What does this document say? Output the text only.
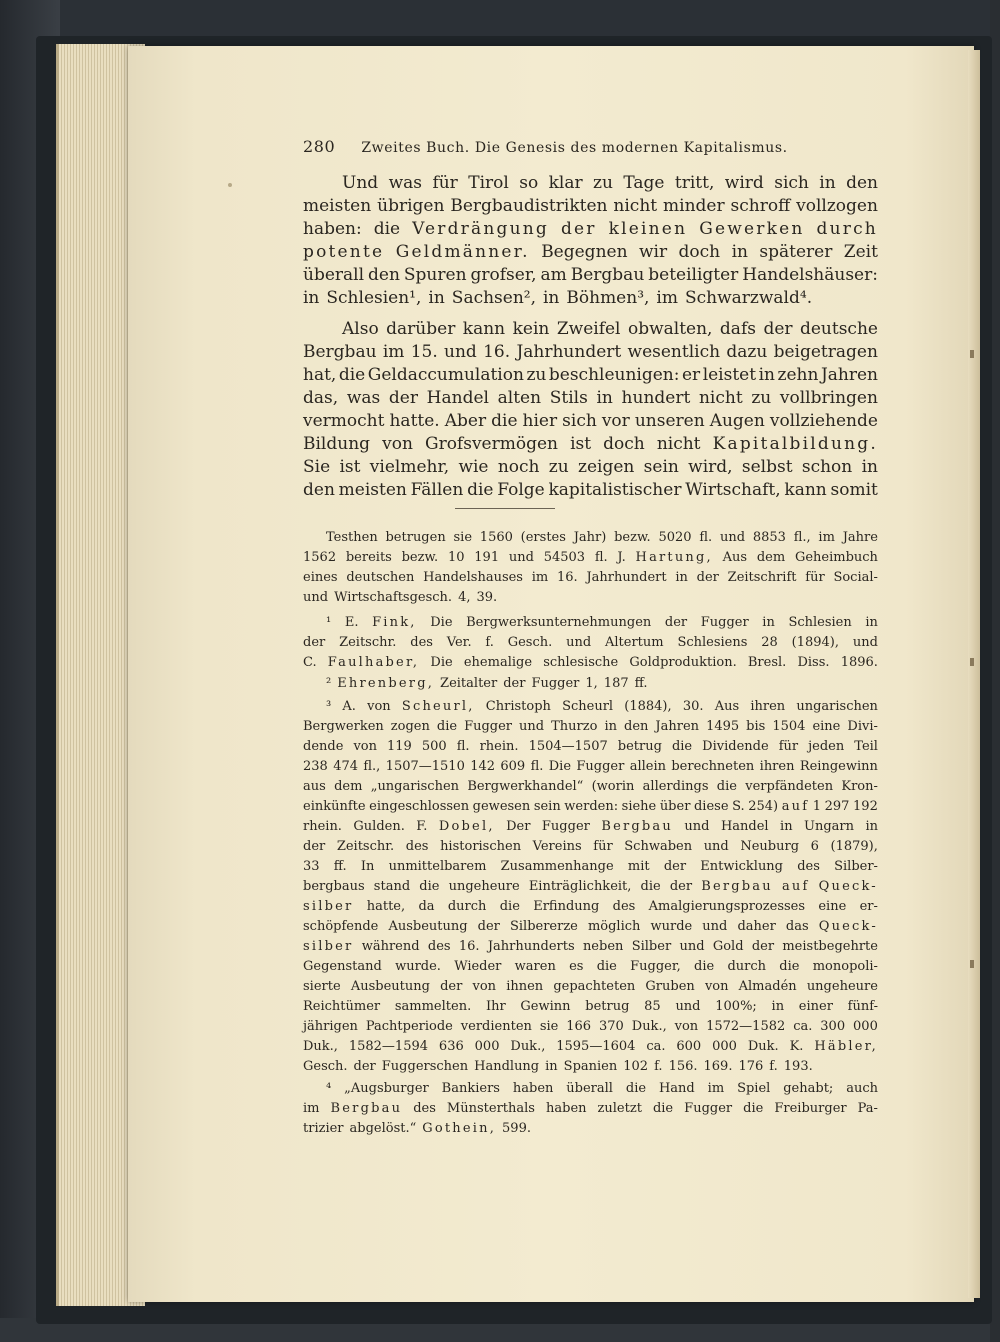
280 Zweites Buch. Die Genesis des modernen Kapitalismus.
Und was für Tirol so klar zu Tage tritt, wird sich in den
meisten übrigen Bergbaudistrikten nicht minder schroff vollzogen
haben: die Verdrängung der kleinen Gewerken durch
potente Geldmänner. Begegnen wir doch in späterer Zeit
überall den Spuren grofser, am Bergbau beteiligter Handelshäuser:
in Schlesien¹, in Sachsen², in Böhmen³, im Schwarzwald⁴.
Also darüber kann kein Zweifel obwalten, dafs der deutsche
Bergbau im 15. und 16. Jahrhundert wesentlich dazu beigetragen
hat, die Geldaccumulation zu beschleunigen: er leistet in zehn Jahren
das, was der Handel alten Stils in hundert nicht zu vollbringen
vermocht hatte. Aber die hier sich vor unseren Augen vollziehende
Bildung von Grofsvermögen ist doch nicht Kapitalbildung.
Sie ist vielmehr, wie noch zu zeigen sein wird, selbst schon in
den meisten Fällen die Folge kapitalistischer Wirtschaft, kann somit
Testhen betrugen sie 1560 (erstes Jahr) bezw. 5020 fl. und 8853 fl., im Jahre
1562 bereits bezw. 10 191 und 54503 fl. J. Hartung, Aus dem Geheimbuch
eines deutschen Handelshauses im 16. Jahrhundert in der Zeitschrift für Social-
und Wirtschaftsgesch. 4, 39.
¹ E. Fink, Die Bergwerksunternehmungen der Fugger in Schlesien in
der Zeitschr. des Ver. f. Gesch. und Altertum Schlesiens 28 (1894), und
C. Faulhaber, Die ehemalige schlesische Goldproduktion. Bresl. Diss. 1896.
² Ehrenberg, Zeitalter der Fugger 1, 187 ff.
³ A. von Scheurl, Christoph Scheurl (1884), 30. Aus ihren ungarischen
Bergwerken zogen die Fugger und Thurzo in den Jahren 1495 bis 1504 eine Divi-
dende von 119 500 fl. rhein. 1504—1507 betrug die Dividende für jeden Teil
238 474 fl., 1507—1510 142 609 fl. Die Fugger allein berechneten ihren Reingewinn
aus dem „ungarischen Bergwerkhandel“ (worin allerdings die verpfändeten Kron-
einkünfte eingeschlossen gewesen sein werden: siehe über diese S. 254) auf 1 297 192
rhein. Gulden. F. Dobel, Der Fugger Bergbau und Handel in Ungarn in
der Zeitschr. des historischen Vereins für Schwaben und Neuburg 6 (1879),
33 ff. In unmittelbarem Zusammenhange mit der Entwicklung des Silber-
bergbaus stand die ungeheure Einträglichkeit, die der Bergbau auf Queck-
silber hatte, da durch die Erfindung des Amalgierungsprozesses eine er-
schöpfende Ausbeutung der Silbererze möglich wurde und daher das Queck-
silber während des 16. Jahrhunderts neben Silber und Gold der meistbegehrte
Gegenstand wurde. Wieder waren es die Fugger, die durch die monopoli-
sierte Ausbeutung der von ihnen gepachteten Gruben von Almadén ungeheure
Reichtümer sammelten. Ihr Gewinn betrug 85 und 100%; in einer fünf-
jährigen Pachtperiode verdienten sie 166 370 Duk., von 1572—1582 ca. 300 000
Duk., 1582—1594 636 000 Duk., 1595—1604 ca. 600 000 Duk. K. Häbler,
Gesch. der Fuggerschen Handlung in Spanien 102 f. 156. 169. 176 f. 193.
⁴ „Augsburger Bankiers haben überall die Hand im Spiel gehabt; auch
im Bergbau des Münsterthals haben zuletzt die Fugger die Freiburger Pa-
trizier abgelöst.“ Gothein, 599.
